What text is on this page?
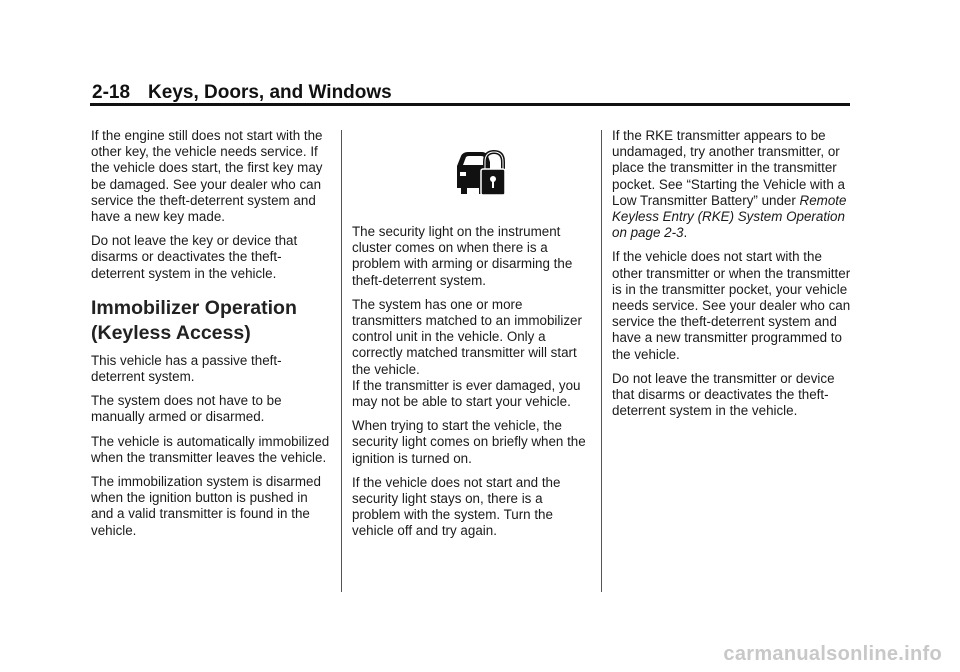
2-18 Keys, Doors, and Windows

If the engine still does not start with the other key, the vehicle needs service. If the vehicle does start, the first key may be damaged. See your dealer who can service the theft-deterrent system and have a new key made.

Do not leave the key or device that disarms or deactivates the theft-deterrent system in the vehicle.

Immobilizer Operation (Keyless Access)

This vehicle has a passive theft-deterrent system.

The system does not have to be manually armed or disarmed.

The vehicle is automatically immobilized when the transmitter leaves the vehicle.

The immobilization system is disarmed when the ignition button is pushed in and a valid transmitter is found in the vehicle.

The security light on the instrument cluster comes on when there is a problem with arming or disarming the theft-deterrent system.

The system has one or more transmitters matched to an immobilizer control unit in the vehicle. Only a correctly matched transmitter will start the vehicle.

If the transmitter is ever damaged, you may not be able to start your vehicle.

When trying to start the vehicle, the security light comes on briefly when the ignition is turned on.

If the vehicle does not start and the security light stays on, there is a problem with the system. Turn the vehicle off and try again.

If the RKE transmitter appears to be undamaged, try another transmitter, or place the transmitter in the transmitter pocket. See “Starting the Vehicle with a Low Transmitter Battery” under Remote Keyless Entry (RKE) System Operation on page 2-3.

If the vehicle does not start with the other transmitter or when the transmitter is in the transmitter pocket, your vehicle needs service. See your dealer who can service the theft-deterrent system and have a new transmitter programmed to the vehicle.

Do not leave the transmitter or device that disarms or deactivates the theft-deterrent system in the vehicle.

carmanualsonline.info
